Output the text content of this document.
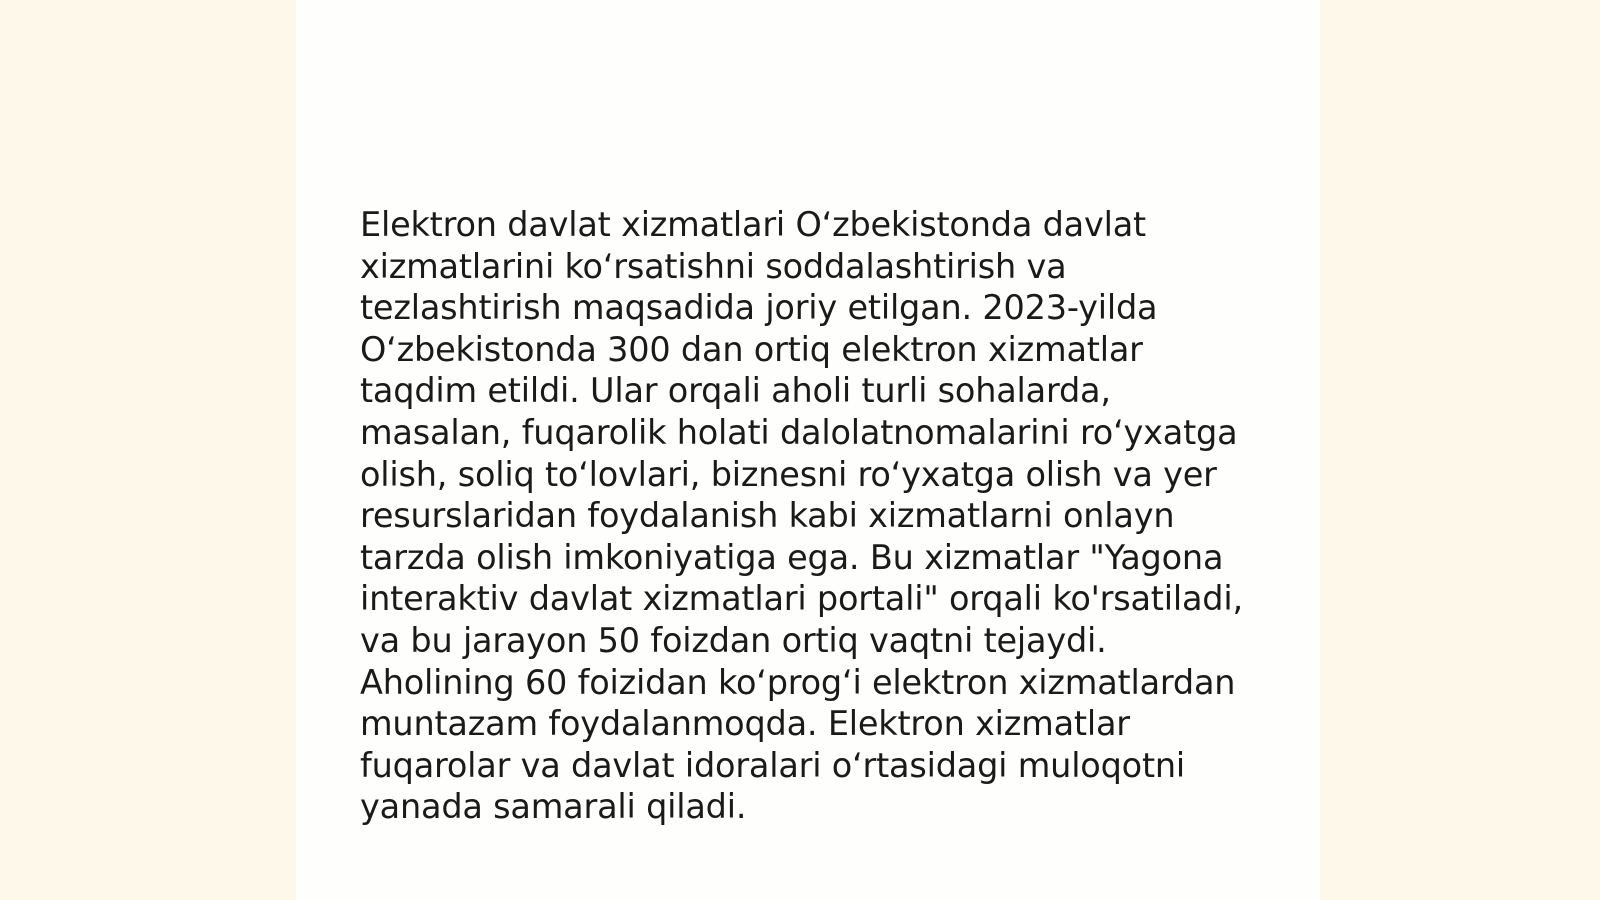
Elektron davlat xizmatlari O‘zbekistonda davlat
xizmatlarini ko‘rsatishni soddalashtirish va
tezlashtirish maqsadida joriy etilgan. 2023-yilda
O‘zbekistonda 300 dan ortiq elektron xizmatlar
taqdim etildi. Ular orqali aholi turli sohalarda,
masalan, fuqarolik holati dalolatnomalarini ro‘yxatga
olish, soliq to‘lovlari, biznesni ro‘yxatga olish va yer
resurslaridan foydalanish kabi xizmatlarni onlayn
tarzda olish imkoniyatiga ega. Bu xizmatlar "Yagona
interaktiv davlat xizmatlari portali" orqali ko'rsatiladi,
va bu jarayon 50 foizdan ortiq vaqtni tejaydi.
Aholining 60 foizidan ko‘prog‘i elektron xizmatlardan
muntazam foydalanmoqda. Elektron xizmatlar
fuqarolar va davlat idoralari o‘rtasidagi muloqotni
yanada samarali qiladi.
